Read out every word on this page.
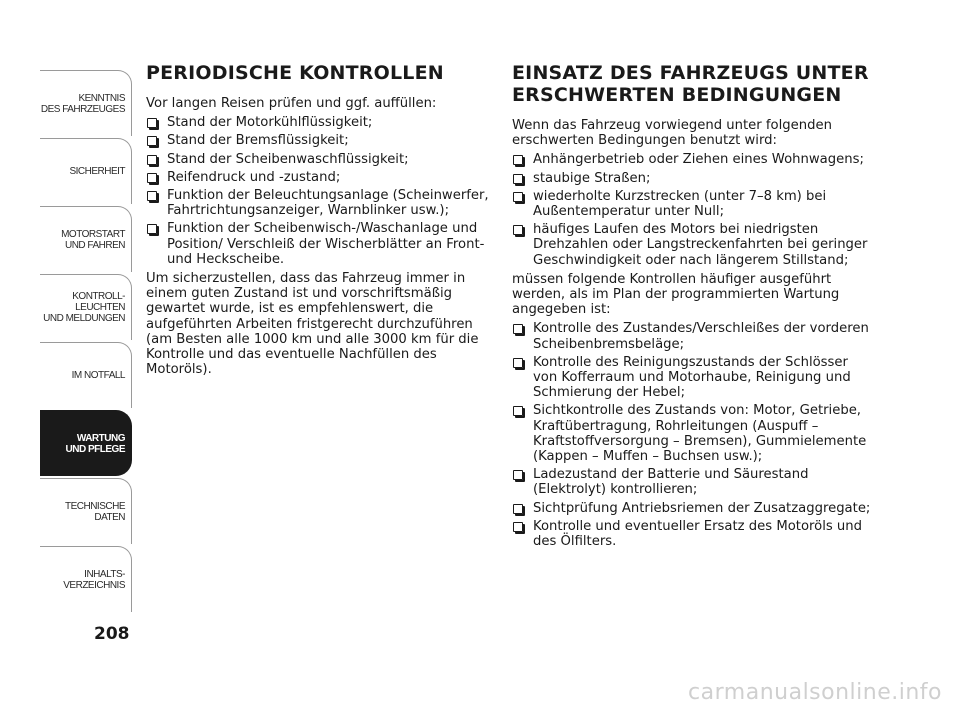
KENNTNIS
DES FAHRZEUGES
SICHERHEIT
MOTORSTART
UND FAHREN
KONTROLL-
LEUCHTEN
UND MELDUNGEN
IM NOTFALL
WARTUNG
UND PFLEGE
TECHNISCHE
DATEN
INHALTS-
VERZEICHNIS
208
PERIODISCHE KONTROLLEN

Vor langen Reisen prüfen und ggf. auffüllen:

Stand der Motorkühlflüssigkeit;
Stand der Bremsflüssigkeit;
Stand der Scheibenwaschflüssigkeit;
Reifendruck und -zustand;
Funktion der Beleuchtungsanlage (Scheinwerfer, Fahrtrichtungsanzeiger, Warnblinker usw.);
Funktion der Scheibenwisch-/Waschanlage und Position/ Verschleiß der Wischerblätter an Front- und Heckscheibe.

Um sicherzustellen, dass das Fahrzeug immer in einem guten Zustand ist und vorschriftsmäßig gewartet wurde, ist es empfehlenswert, die aufgeführten Arbeiten fristgerecht durchzuführen (am Besten alle 1000 km und alle 3000 km für die Kontrolle und das eventuelle Nachfüllen des Motoröls).

EINSATZ DES FAHRZEUGS UNTER ERSCHWERTEN BEDINGUNGEN

Wenn das Fahrzeug vorwiegend unter folgenden erschwerten Bedingungen benutzt wird:

Anhängerbetrieb oder Ziehen eines Wohnwagens;
staubige Straßen;
wiederholte Kurzstrecken (unter 7–8 km) bei Außentemperatur unter Null;
häufiges Laufen des Motors bei niedrigsten Drehzahlen oder Langstreckenfahrten bei geringer Geschwindigkeit oder nach längerem Stillstand;

müssen folgende Kontrollen häufiger ausgeführt werden, als im Plan der programmierten Wartung angegeben ist:

Kontrolle des Zustandes/Verschleißes der vorderen Scheibenbremsbeläge;
Kontrolle des Reinigungszustands der Schlösser von Kofferraum und Motorhaube, Reinigung und Schmierung der Hebel;
Sichtkontrolle des Zustands von: Motor, Getriebe, Kraftübertragung, Rohrleitungen (Auspuff – Kraftstoffversorgung – Bremsen), Gummielemente (Kappen – Muffen – Buchsen usw.);
Ladezustand der Batterie und Säurestand (Elektrolyt) kontrollieren;
Sichtprüfung Antriebsriemen der Zusatzaggregate;
Kontrolle und eventueller Ersatz des Motoröls und des Ölfilters.
carmanualsonline.info
